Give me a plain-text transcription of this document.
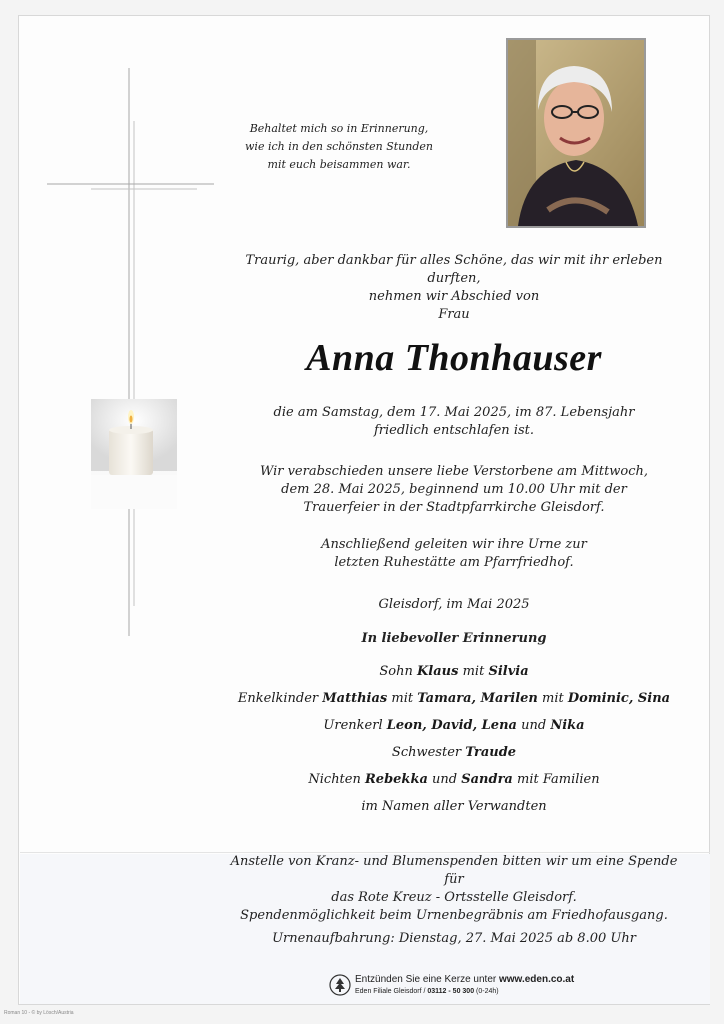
Behaltet mich so in Erinnerung,
wie ich in den schönsten Stunden
mit euch beisammen war.
Traurig, aber dankbar für alles Schöne, das wir mit ihr erleben durften,
nehmen wir Abschied von
Frau
Anna Thonhauser
die am Samstag, dem 17. Mai 2025, im 87. Lebensjahr
friedlich entschlafen ist.
Wir verabschieden unsere liebe Verstorbene am Mittwoch,
dem 28. Mai 2025, beginnend um 10.00 Uhr mit der
Trauerfeier in der Stadtpfarrkirche Gleisdorf.
Anschließend geleiten wir ihre Urne zur
letzten Ruhestätte am Pfarrfriedhof.
Gleisdorf, im Mai 2025
In liebevoller Erinnerung
Sohn Klaus mit Silvia
Enkelkinder Matthias mit Tamara, Marilen mit Dominic, Sina
Urenkerl Leon, David, Lena und Nika
Schwester Traude
Nichten Rebekka und Sandra mit Familien
im Namen aller Verwandten
Anstelle von Kranz- und Blumenspenden bitten wir um eine Spende für
das Rote Kreuz - Ortsstelle Gleisdorf.
Spendenmöglichkeit beim Urnenbegräbnis am Friedhofausgang.
Urnenaufbahrung: Dienstag, 27. Mai 2025 ab 8.00 Uhr
Entzünden Sie eine Kerze unter www.eden.co.at
Eden Filiale Gleisdorf / 03112 - 50 300 (0-24h)
Roman 10 - © by Lösch/Austria
